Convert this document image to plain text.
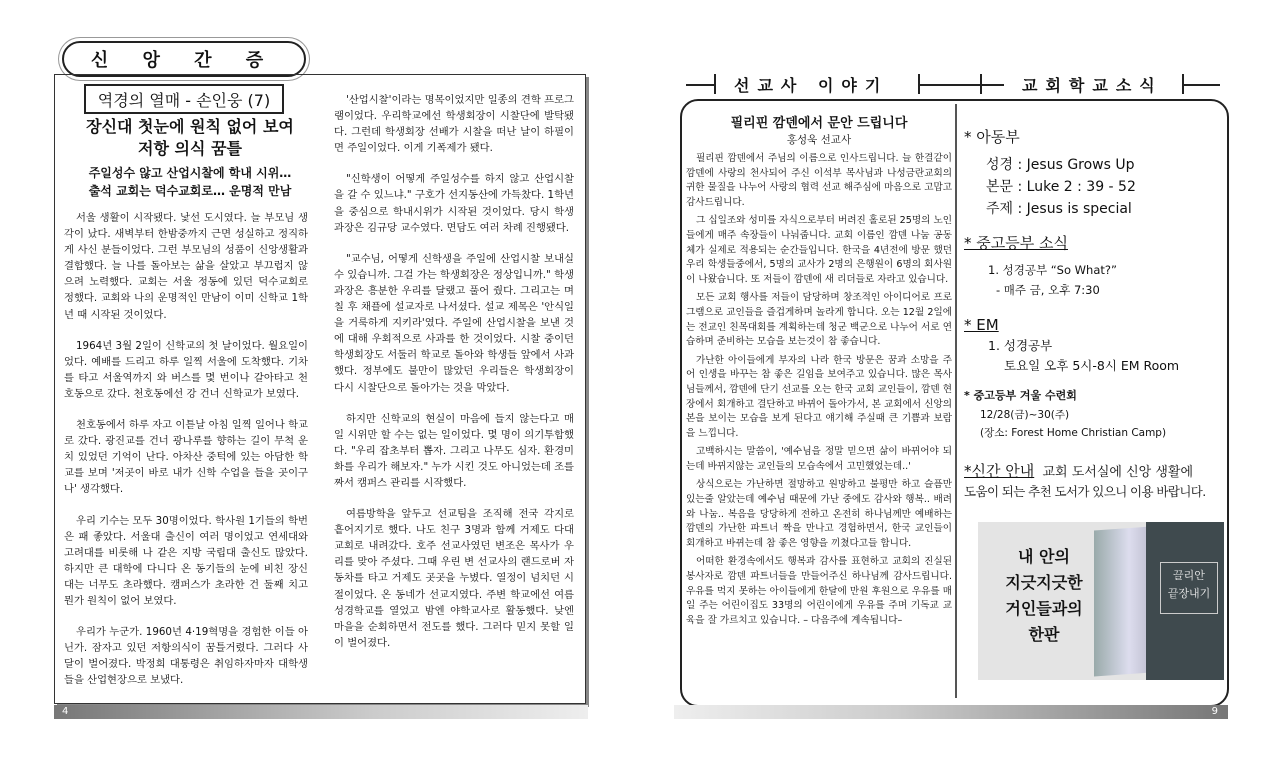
신 앙 간 증
역경의 열매 - 손인웅 (7)
장신대 첫눈에 원칙 없어 보여
저항 의식 꿈틀
주일성수 않고 산업시찰에 학내 시위…
출석 교회는 덕수교회로… 운명적 만남

서울 생활이 시작됐다. 낯선 도시였다. 늘 부모님 생각이 났다. 새벽부터 한밤중까지 근면 성실하고 정직하게 사신 분들이었다. 그런 부모님의 성품이 신앙생활과 결합했다. 늘 나를 돌아보는 삶을 살았고 부끄럽지 않으려 노력했다. 교회는 서울 정동에 있던 덕수교회로 정했다. 교회와 나의 운명적인 만남이 이미 신학교 1학년 때 시작된 것이었다.

1964년 3월 2일이 신학교의 첫 날이었다. 월요일이었다. 예배를 드리고 하루 일찍 서울에 도착했다. 기차를 타고 서울역까지 와 버스를 몇 번이나 갈아타고 천호동으로 갔다. 천호동에선 강 건너 신학교가 보였다.

천호동에서 하루 자고 이튿날 아침 일찍 일어나 학교로 갔다. 광진교를 건너 광나루를 향하는 길이 무척 운치 있었던 기억이 난다. 아차산 중턱에 있는 아담한 학교를 보며 '저곳이 바로 내가 신학 수업을 들을 곳이구나' 생각했다.

우리 기수는 모두 30명이었다. 학사원 1기들의 학번은 패 좋았다. 서울대 출신이 여러 명이었고 연세대와 고려대를 비롯해 나 같은 지방 국립대 출신도 많았다. 하지만 큰 대학에 다니다 온 동기들의 눈에 비친 장신대는 너무도 초라했다. 캠퍼스가 초라한 건 둘째 치고 뭔가 원칙이 없어 보였다.

우리가 누군가. 1960년 4·19혁명을 경험한 이들 아닌가. 잠자고 있던 저항의식이 꿈틀거렸다. 그러다 사달이 벌어졌다. 박정희 대통령은 취임하자마자 대학생들을 산업현장으로 보냈다.

'산업시찰'이라는 명목이었지만 일종의 견학 프로그램이었다. 우리학교에선 학생회장이 시찰단에 발탁됐다. 그런데 학생회장 선배가 시찰을 떠난 날이 하필이면 주일이었다. 이게 기폭제가 됐다.

"신학생이 어떻게 주일성수를 하지 않고 산업시찰을 갈 수 있느냐." 구호가 선지동산에 가득찼다. 1학년을 중심으로 학내시위가 시작된 것이었다. 당시 학생과장은 김규당 교수였다. 면담도 여러 차례 진행됐다.

"교수님, 어떻게 신학생을 주일에 산업시찰 보내실 수 있습니까. 그걸 가는 학생회장은 정상입니까." 학생과장은 흥분한 우리를 달랬고 풀어 줬다. 그리고는 며칠 후 채플에 설교자로 나서셨다. 설교 제목은 '안식일을 거룩하게 지키라'였다. 주일에 산업시찰을 보낸 것에 대해 우회적으로 사과를 한 것이었다. 시찰 중이던 학생회장도 서둘러 학교로 돌아와 학생들 앞에서 사과했다. 정부에도 불만이 많았던 우리들은 학생회장이 다시 시찰단으로 돌아가는 것을 막았다.

하지만 신학교의 현실이 마음에 들지 않는다고 매일 시위만 할 수는 없는 일이었다. 몇 명이 의기투합했다. "우리 잡초부터 뽑자. 그리고 나무도 심자. 환경미화를 우리가 해보자." 누가 시킨 것도 아니었는데 조를 짜서 캠퍼스 관리를 시작했다.

여름방학을 앞두고 선교팀을 조직해 전국 각지로 흩어지기로 했다. 나도 친구 3명과 함께 거제도 다대교회로 내려갔다. 호주 선교사였던 변조은 목사가 우리를 맞아 주셨다. 그때 우린 변 선교사의 랜드로버 자동차를 타고 거제도 곳곳을 누볐다. 열정이 넘치던 시절이었다. 온 동네가 선교지였다. 주변 학교에선 여름성경학교를 열었고 밤엔 야학교사로 활동했다. 낮엔 마을을 순회하면서 전도를 했다. 그러다 믿지 못할 일이 벌어졌다.

4
선교사 이야기	교회학교소식
필리핀 깜덴에서 문안 드립니다
홍성욱 선교사

필리핀 깜덴에서 주님의 이름으로 인사드립니다. 늘 한결같이 깜덴에 사랑의 천사되어 주신 이석부 목사님과 나성금란교회의 귀한 물질을 나누어 사랑의 협력 선교 해주심에 마음으로 고맙고 감사드립니다.

그 십일조와 성미를 자식으로부터 버려진 홀로된 25명의 노인들에게 매주 속장들이 나눠줍니다. 교회 이름인 깜덴 나눔 공동체가 실제로 적용되는 순간들입니다. 한국을 4년전에 방문 했던 우리 학생들중에서, 5명의 교사가 2명의 은행원이 6명의 회사원이 나왔습니다. 또 저들이 깜덴에 새 리더들로 자라고 있습니다.

모든 교회 행사를 저들이 담당하며 창조적인 아이디어로 프로그램으로 교인들을 즐겁게하며 놀라게 합니다. 오는 12월 2일에는 전교인 친목대회를 계획하는데 청군 백군으로 나누어 서로 연습하며 준비하는 모습을 보는것이 참 좋습니다.

가난한 아이들에게 부자의 나라 한국 방문은 꿈과 소망을 주어 인생을 바꾸는 참 좋은 길임을 보여주고 있습니다. 많은 목사님들께서, 깜덴에 단기 선교를 오는 한국 교회 교인들이, 깜덴 현장에서 회개하고 결단하고 바뀌어 돌아가서, 본 교회에서 신앙의 본을 보이는 모습을 보게 된다고 얘기해 주실때 큰 기쁨과 보람을 느낍니다.

고백하시는 말씀이, '예수님을 정말 믿으면 삶이 바뀌어야 되는데 바뀌지않는 교인들의 모습속에서 고민했었는데..'

상식으로는 가난하면 절망하고 원망하고 불평만 하고 슬픔만 있는줄 알았는데 예수님 때문에 가난 중에도 감사와 행복.. 배려와 나눔.. 복음을 당당하게 전하고 온전히 하나님께만 예배하는 깜덴의 가난한 파트너 짝을 만나고 경험하면서, 한국 교인들이 회개하고 바뀌는데 참 좋은 영향을 끼쳤다고들 합니다.

어떠한 환경속에서도 행복과 감사를 표현하고 교회의 진실된 봉사자로 깜덴 파트너들을 만들어주신 하나님께 감사드립니다. 우유를 먹지 못하는 아이들에게 한달에 만원 후원으로 우유를 매일 주는 어린이집도 33명의 어린이에게 우유를 주며 기독교 교육을 잘 가르치고 있습니다. – 다음주에 계속됩니다–

* 아동부
성경 : Jesus Grows Up
본문 : Luke 2 : 39 - 52
주제 : Jesus is special
* 중고등부 소식
1. 성경공부 “So What?”
- 매주 금, 오후 7:30
* EM
1. 성경공부
토요일 오후 5시-8시 EM Room
* 중고등부 겨울 수련회
12/28(금)~30(주)
(장소: Forest Home Christian Camp)
*신간 안내 교회 도서실에 신앙 생활에
도움이 되는 추천 도서가 있으니 이용 바랍니다.
내 안의
지긋지긋한
거인들과의
한판
끌리안
끝장내기
9
